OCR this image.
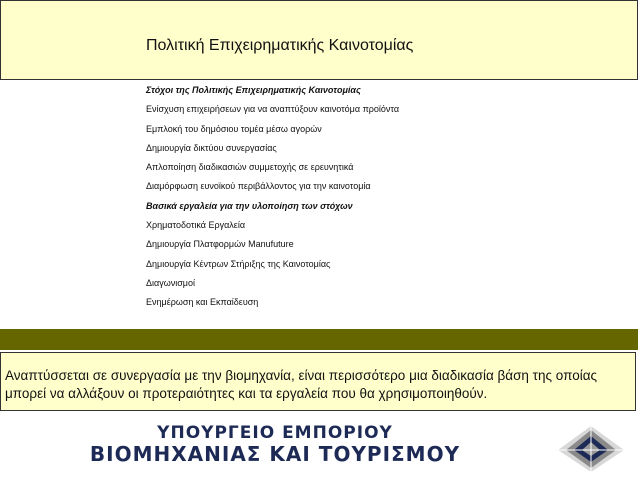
Πολιτική Επιχειρηματικής Καινοτομίας
Στόχοι της Πολιτικής Επιχειρηματικής Καινοτομίας
Ενίσχυση επιχειρήσεων για να αναπτύξουν καινοτόμα προϊόντα
Εμπλοκή του δημόσιου τομέα μέσω αγορών
Δημιουργία δικτύου συνεργασίας
Απλοποίηση διαδικασιών συμμετοχής σε ερευνητικά
Διαμόρφωση ευνοϊκού περιβάλλοντος για την καινοτομία
Βασικά εργαλεία για την υλοποίηση των στόχων
Χρηματοδοτικά Εργαλεία
Δημιουργία Πλατφορμών Manufuture
Δημιουργία Κέντρων Στήριξης της Καινοτομίας
Διαγωνισμοί
Ενημέρωση και Εκπαίδευση
Αναπτύσσεται σε συνεργασία με την βιομηχανία, είναι περισσότερο μια διαδικασία βάση της οποίας μπορεί να αλλάξουν οι προτεραιότητες και τα εργαλεία που θα χρησιμοποιηθούν.
ΥΠΟΥΡΓΕΙΟ ΕΜΠΟΡΙΟΥ
ΒΙΟΜΗΧΑΝΙΑΣ ΚΑΙ ΤΟΥΡΙΣΜΟΥ
